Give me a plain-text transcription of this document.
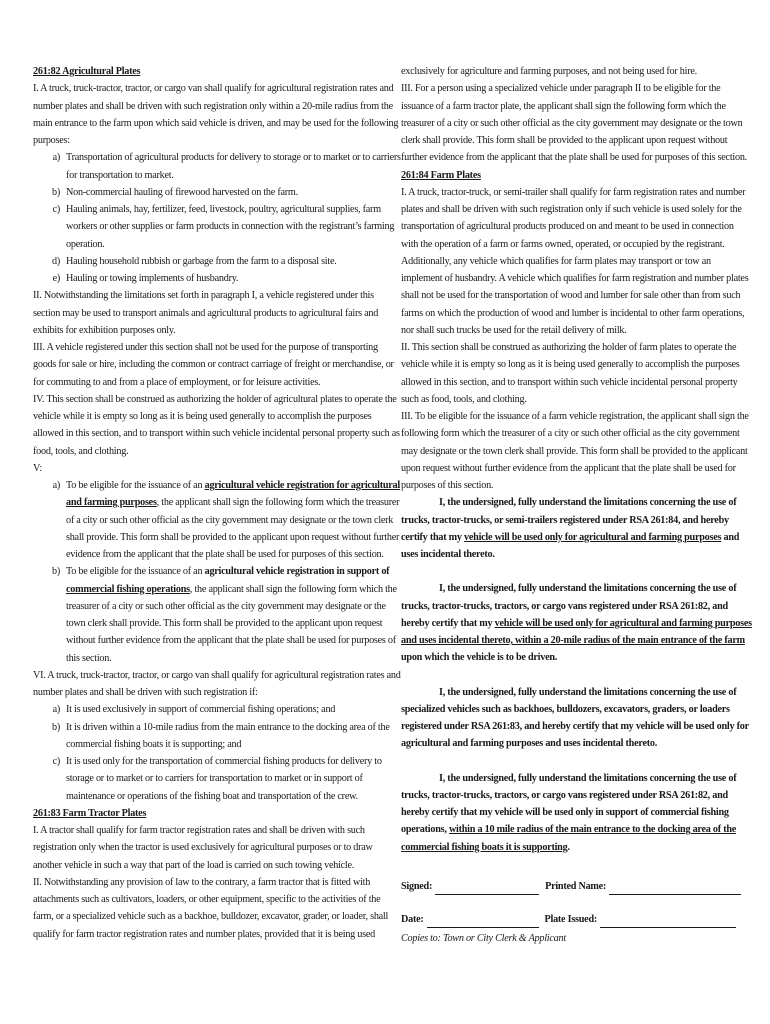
261:82 Agricultural Plates

I. A truck, truck-tractor, tractor, or cargo van shall qualify for agricultural registration rates and number plates and shall be driven with such registration only within a 20-mile radius from the main entrance to the farm upon which said vehicle is driven, and may be used for the following purposes:

a) Transportation of agricultural products for delivery to storage or to market or to carriers for transportation to market.
b) Non-commercial hauling of firewood harvested on the farm.
c) Hauling animals, hay, fertilizer, feed, livestock, poultry, agricultural supplies, farm workers or other supplies or farm products in connection with the registrant’s farming operation.
d) Hauling household rubbish or garbage from the farm to a disposal site.
e) Hauling or towing implements of husbandry.

II. Notwithstanding the limitations set forth in paragraph I, a vehicle registered under this section may be used to transport animals and agricultural products to agricultural fairs and exhibits for exhibition purposes only.

III. A vehicle registered under this section shall not be used for the purpose of transporting goods for sale or hire, including the common or contract carriage of freight or merchandise, or for commuting to and from a place of employment, or for leisure activities.

IV. This section shall be construed as authorizing the holder of agricultural plates to operate the vehicle while it is empty so long as it is being used generally to accomplish the purposes allowed in this section, and to transport within such vehicle incidental personal property such as food, tools, and clothing.

V:

a) To be eligible for the issuance of an agricultural vehicle registration for agricultural and farming purposes, the applicant shall sign the following form which the treasurer of a city or such other official as the city government may designate or the town clerk shall provide. This form shall be provided to the applicant upon request without further evidence from the applicant that the plate shall be used for purposes of this section.
b) To be eligible for the issuance of an agricultural vehicle registration in support of commercial fishing operations, the applicant shall sign the following form which the treasurer of a city or such other official as the city government may designate or the town clerk shall provide. This form shall be provided to the applicant upon request without further evidence from the applicant that the plate shall be used for purposes of this section.

VI. A truck, truck-tractor, tractor, or cargo van shall qualify for agricultural registration rates and number plates and shall be driven with such registration if:

a) It is used exclusively in support of commercial fishing operations; and
b) It is driven within a 10-mile radius from the main entrance to the docking area of the commercial fishing boats it is supporting; and
c) It is used only for the transportation of commercial fishing products for delivery to storage or to market or to carriers for transportation to market or in support of maintenance or operations of the fishing boat and transportation of the crew.

261:83 Farm Tractor Plates

I. A tractor shall qualify for farm tractor registration rates and shall be driven with such registration only when the tractor is used exclusively for agricultural purposes or to draw another vehicle in such a way that part of the load is carried on such towing vehicle.

II. Notwithstanding any provision of law to the contrary, a farm tractor that is fitted with attachments such as cultivators, loaders, or other equipment, specific to the activities of the farm, or a specialized vehicle such as a backhoe, bulldozer, excavator, grader, or loader, shall qualify for farm tractor registration rates and number plates, provided that it is being used

exclusively for agriculture and farming purposes, and not being used for hire.

III. For a person using a specialized vehicle under paragraph II to be eligible for the issuance of a farm tractor plate, the applicant shall sign the following form which the treasurer of a city or such other official as the city government may designate or the town clerk shall provide. This form shall be provided to the applicant upon request without further evidence from the applicant that the plate shall be used for purposes of this section.

261:84 Farm Plates

I. A truck, tractor-truck, or semi-trailer shall qualify for farm registration rates and number plates and shall be driven with such registration only if such vehicle is used solely for the transportation of agricultural products produced on and meant to be used in connection with the operation of a farm or farms owned, operated, or occupied by the registrant. Additionally, any vehicle which qualifies for farm plates may transport or tow an implement of husbandry. A vehicle which qualifies for farm registration and number plates shall not be used for the transportation of wood and lumber for sale other than from such farms on which the production of wood and lumber is incidental to other farm operations, nor shall such trucks be used for the retail delivery of milk.

II. This section shall be construed as authorizing the holder of farm plates to operate the vehicle while it is empty so long as it is being used generally to accomplish the purposes allowed in this section, and to transport within such vehicle incidental personal property such as food, tools, and clothing.

III. To be eligible for the issuance of a farm vehicle registration, the applicant shall sign the following form which the treasurer of a city or such other official as the city government may designate or the town clerk shall provide. This form shall be provided to the applicant upon request without further evidence from the applicant that the plate shall be used for purposes of this section.

I, the undersigned, fully understand the limitations concerning the use of trucks, tractor-trucks, or semi-trailers registered under RSA 261:84, and hereby certify that my vehicle will be used only for agricultural and farming purposes and uses incidental thereto.

I, the undersigned, fully understand the limitations concerning the use of trucks, tractor-trucks, tractors, or cargo vans registered under RSA 261:82, and hereby certify that my vehicle will be used only for agricultural and farming purposes and uses incidental thereto, within a 20-mile radius of the main entrance of the farm upon which the vehicle is to be driven.

I, the undersigned, fully understand the limitations concerning the use of specialized vehicles such as backhoes, bulldozers, excavators, graders, or loaders registered under RSA 261:83, and hereby certify that my vehicle will be used only for agricultural and farming purposes and uses incidental thereto.

I, the undersigned, fully understand the limitations concerning the use of trucks, tractor-trucks, tractors, or cargo vans registered under RSA 261:82, and hereby certify that my vehicle will be used only in support of commercial fishing operations, within a 10 mile radius of the main entrance to the docking area of the commercial fishing boats it is supporting.

Signed:	Printed Name:
Date:	Plate Issued:

Copies to: Town or City Clerk & Applicant
